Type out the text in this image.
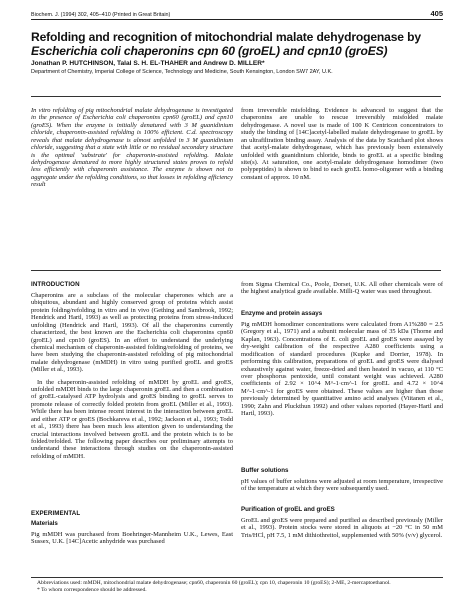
Biochem. J. (1994) 302, 405–410 (Printed in Great Britain)	405
Refolding and recognition of mitochondrial malate dehydrogenase by
Escherichia coli chaperonins cpn 60 (groEL) and cpn10 (groES)
Jonathan P. HUTCHINSON, Talal S. H. EL-THAHER and Andrew D. MILLER*
Department of Chemistry, Imperial College of Science, Technology and Medicine, South Kensington, London SW7 2AY, U.K.

In vitro refolding of pig mitochondrial malate dehydrogenase is investigated in the presence of Escherichia coli chaperonins cpn60 (groEL) and cpn10 (groES). When the enzyme is initially denatured with 3 M guanidinium chloride, chaperonin-assisted refolding is 100% efficient. C.d. spectroscopy reveals that malate dehydrogenase is almost unfolded in 3 M guanidinium chloride, suggesting that a state with little or no residual secondary structure is the optimal 'substrate' for chaperonin-assisted refolding. Malate dehydrogenase denatured to more highly structured states proves to refold less efficiently with chaperonin assistance. The enzyme is shown not to aggregate under the refolding conditions, so that losses in refolding efficiency result

from irreversible misfolding. Evidence is advanced to suggest that the chaperonins are unable to rescue irreversibly misfolded malate dehydrogenase. A novel use is made of 100 K Centricon concentrators to study the binding of [14C]acetyl-labelled malate dehydrogenase to groEL by an ultrafiltration binding assay. Analysis of the data by Scatchard plot shows that acetyl-malate dehydrogenase, which has previously been extensively unfolded with guanidinium chloride, binds to groEL at a specific binding site(s). At saturation, one acetyl-malate dehydrogenase homodimer (two polypeptides) is shown to bind to each groEL homo-oligomer with a binding constant of approx. 10 nM.

INTRODUCTION

Chaperonins are a subclass of the molecular chaperones which are a ubiquitous, abundant and highly conserved group of proteins which assist protein folding/refolding in vitro and in vivo (Gething and Sambrook, 1992; Hendrick and Hartl, 1993) as well as protecting proteins from stress-induced unfolding (Hendrick and Hartl, 1993). Of all the chaperonins currently characterized, the best known are the Escherichia coli chaperonins cpn60 (groEL) and cpn10 (groES). In an effort to understand the underlying chemical mechanism of chaperonin-assisted folding/refolding of proteins, we have been studying the chaperonin-assisted refolding of pig mitochondrial malate dehydrogenase (mMDH) in vitro using purified groEL and groES (Miller et al., 1993).

In the chaperonin-assisted refolding of mMDH by groEL and groES, unfolded mMDH binds to the large chaperonin groEL and then a combination of groEL-catalysed ATP hydrolysis and groES binding to groEL serves to promote release of correctly folded protein from groEL (Miller et al., 1993). While there has been intense recent interest in the interaction between groEL and either ATP or groES (Bochkareva et al., 1992; Jackson et al., 1993; Todd et al., 1993) there has been much less attention given to understanding the crucial interactions involved between groEL and the protein which is to be folded/refolded. The following paper describes our preliminary attempts to understand these interactions through studies on the chaperonin-assisted refolding of mMDH.

EXPERIMENTAL
Materials

Pig mMDH was purchased from Boehringer-Mannheim U.K., Lewes, East Sussex, U.K. [14C]Acetic anhydride was purchased

from Sigma Chemical Co., Poole, Dorset, U.K. All other chemicals were of the highest analytical grade available. Milli-Q water was used throughout.

Enzyme and protein assays

Pig mMDH homodimer concentrations were calculated from A1%280 = 2.5 (Gregory et al., 1971) and a subunit molecular mass of 35 kDa (Thorne and Kaplan, 1963). Concentrations of E. coli groEL and groES were assayed by dry-weight calibration of the respective A280 coefficients using a modification of standard procedures (Kupke and Dorrier, 1978). In performing this calibration, preparations of groEL and groES were dialysed exhaustively against water, freeze-dried and then heated in vacuo, at 110 °C over phosphorus pentoxide, until constant weight was achieved. A280 coefficients of 2.92 × 10^4 M^-1·cm^-1 for groEL and 4.72 × 10^4 M^-1·cm^-1 for groES were obtained. These values are higher than those previously determined by quantitative amino acid analyses (Viitanen et al., 1990; Zahn and Pluckthun 1992) and other values reported (Hayer-Hartl and Hartl, 1993).

Buffer solutions

pH values of buffer solutions were adjusted at room temperature, irrespective of the temperature at which they were subsequently used.

Purification of groEL and groES

GroEL and groES were prepared and purified as described previously (Miller et al., 1993). Protein stocks were stored in aliquots at −20 °C in 50 mM Tris/HCl, pH 7.5, 1 mM dithiothreitol, supplemented with 50% (v/v) glycerol.

Abbreviations used: mMDH, mitochondrial malate dehydrogenase; cpn60, chaperonin 60 (groEL); cpn 10, chaperonin 10 (groES); 2-ME, 2-mercaptoethanol.
* To whom correspondence should be addressed.
